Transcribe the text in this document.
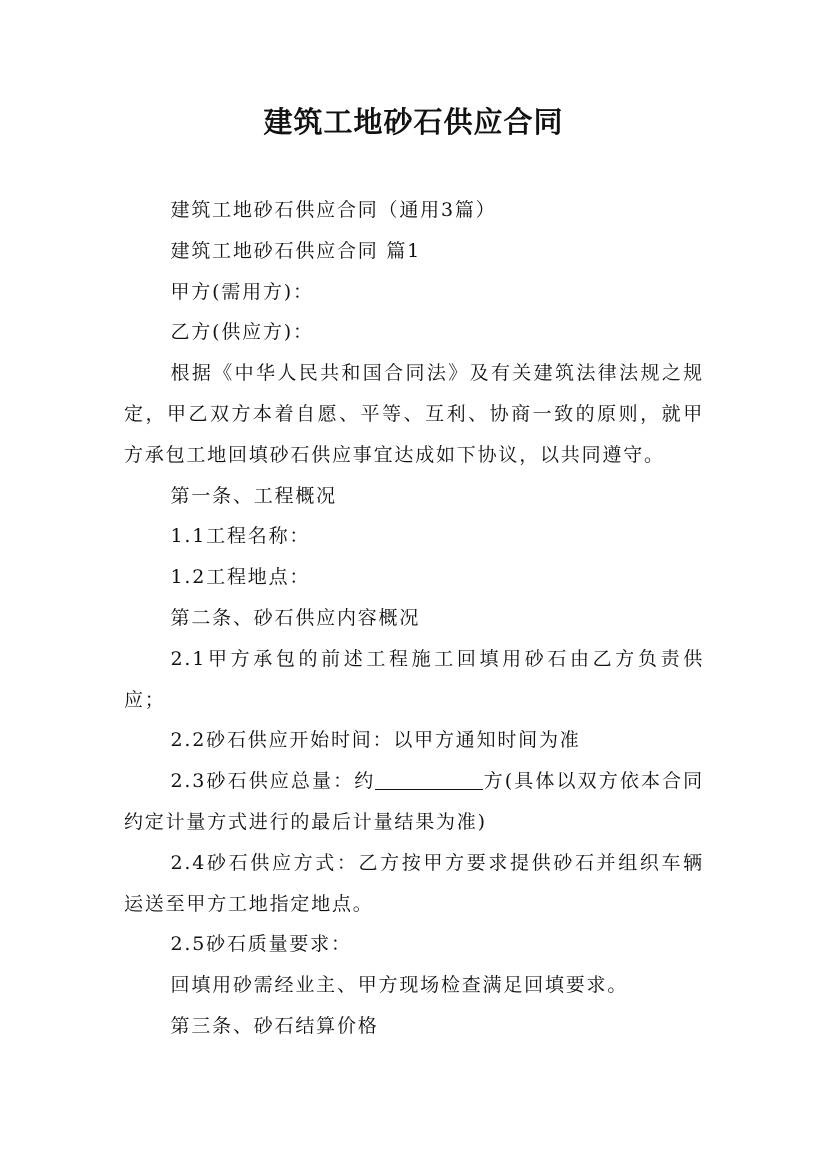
建筑工地砂石供应合同

建筑工地砂石供应合同（通用3篇）

建筑工地砂石供应合同 篇1

甲方(需用方)：

乙方(供应方)：

根据《中华人民共和国合同法》及有关建筑法律法规之规定，甲乙双方本着自愿、平等、互利、协商一致的原则，就甲方承包工地回填砂石供应事宜达成如下协议，以共同遵守。

第一条、工程概况

1.1工程名称：

1.2工程地点：

第二条、砂石供应内容概况

2.1甲方承包的前述工程施工回填用砂石由乙方负责供应；

2.2砂石供应开始时间：以甲方通知时间为准

2.3砂石供应总量：约	方(具体以双方依本合同约定计量方式进行的最后计量结果为准)

2.4砂石供应方式：乙方按甲方要求提供砂石并组织车辆运送至甲方工地指定地点。

2.5砂石质量要求：

回填用砂需经业主、甲方现场检查满足回填要求。

第三条、砂石结算价格
